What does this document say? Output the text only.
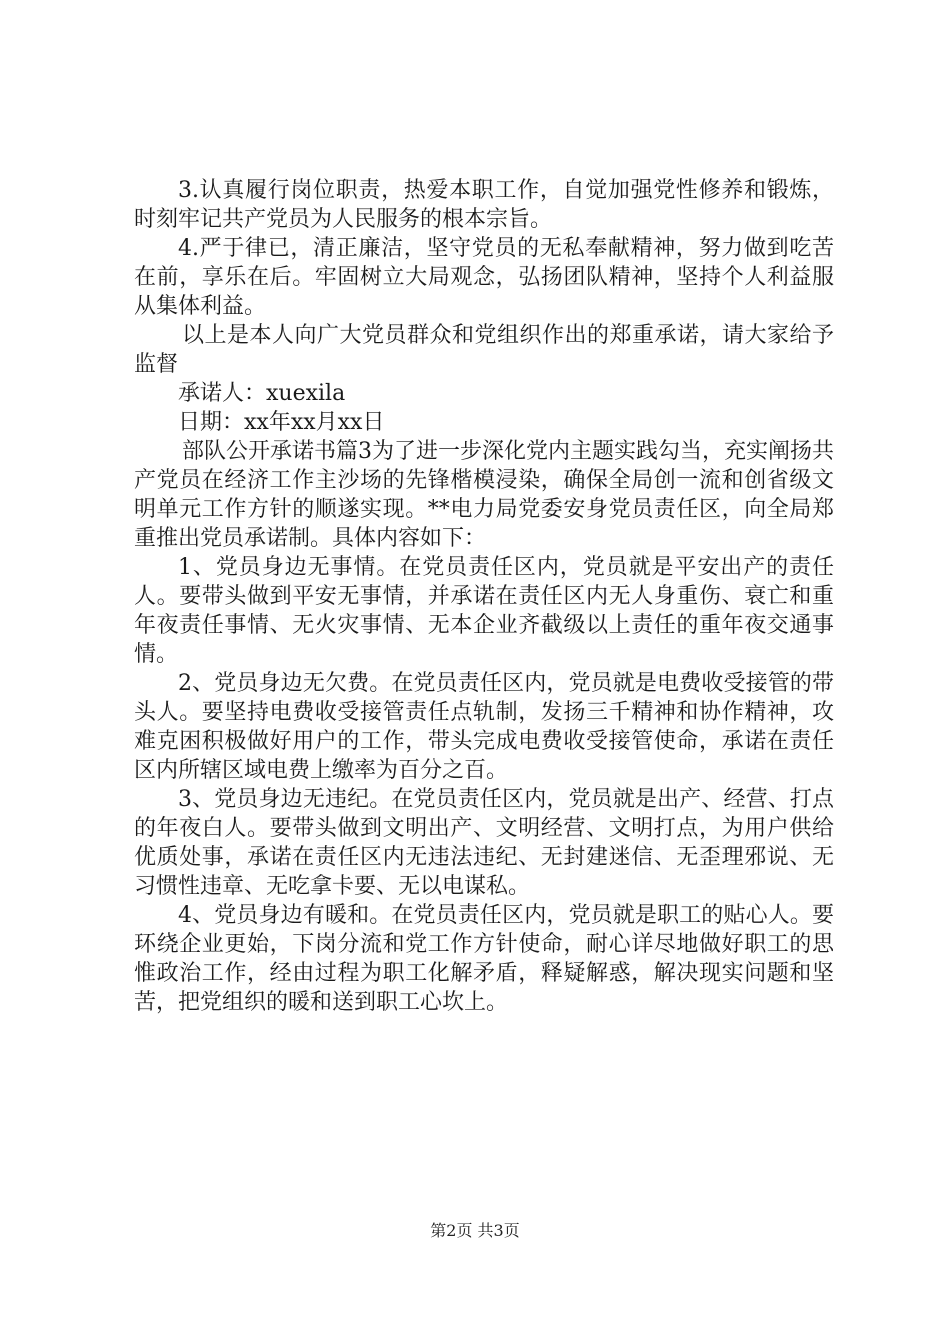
3.认真履行岗位职责，热爱本职工作，自觉加强党性修养和锻炼，时刻牢记共产党员为人民服务的根本宗旨。

4.严于律已，清正廉洁，坚守党员的无私奉献精神，努力做到吃苦在前，享乐在后。牢固树立大局观念，弘扬团队精神，坚持个人利益服从集体利益。

以上是本人向广大党员群众和党组织作出的郑重承诺，请大家给予监督

承诺人：xuexila

日期：xx年xx月xx日

部队公开承诺书篇3为了进一步深化党内主题实践勾当，充实阐扬共产党员在经济工作主沙场的先锋楷模浸染，确保全局创一流和创省级文明单元工作方针的顺遂实现。**电力局党委安身党员责任区，向全局郑重推出党员承诺制。具体内容如下：

1、党员身边无事情。在党员责任区内，党员就是平安出产的责任人。要带头做到平安无事情，并承诺在责任区内无人身重伤、衰亡和重年夜责任事情、无火灾事情、无本企业齐截级以上责任的重年夜交通事情。

2、党员身边无欠费。在党员责任区内，党员就是电费收受接管的带头人。要坚持电费收受接管责任点轨制，发扬三千精神和协作精神，攻难克困积极做好用户的工作，带头完成电费收受接管使命，承诺在责任区内所辖区域电费上缴率为百分之百。

3、党员身边无违纪。在党员责任区内，党员就是出产、经营、打点的年夜白人。要带头做到文明出产、文明经营、文明打点，为用户供给优质处事，承诺在责任区内无违法违纪、无封建迷信、无歪理邪说、无习惯性违章、无吃拿卡要、无以电谋私。

4、党员身边有暖和。在党员责任区内，党员就是职工的贴心人。要环绕企业更始，下岗分流和党工作方针使命，耐心详尽地做好职工的思惟政治工作，经由过程为职工化解矛盾，释疑解惑，解决现实问题和坚苦，把党组织的暖和送到职工心坎上。

第2页 共3页
